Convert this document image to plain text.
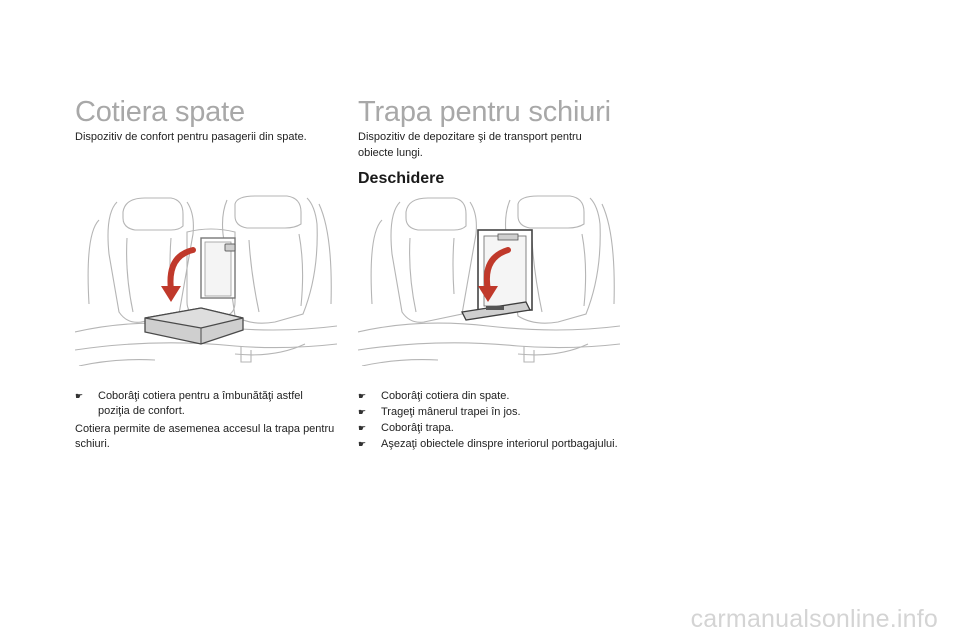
Cotiera spate

Dispozitiv de confort pentru pasagerii din spate.

Trapa pentru schiuri

Dispozitiv de depozitare şi de transport pentru obiecte lungi.

Deschidere
☛ Coborâţi cotiera pentru a îmbunătăţi astfel poziţia de confort.

Cotiera permite de asemenea accesul la trapa pentru schiuri.

☛ Coborâţi cotiera din spate.
☛ Trageţi mânerul trapei în jos.
☛ Coborâţi trapa.
☛ Aşezaţi obiectele dinspre interiorul portbagajului.
carmanualsonline.info
